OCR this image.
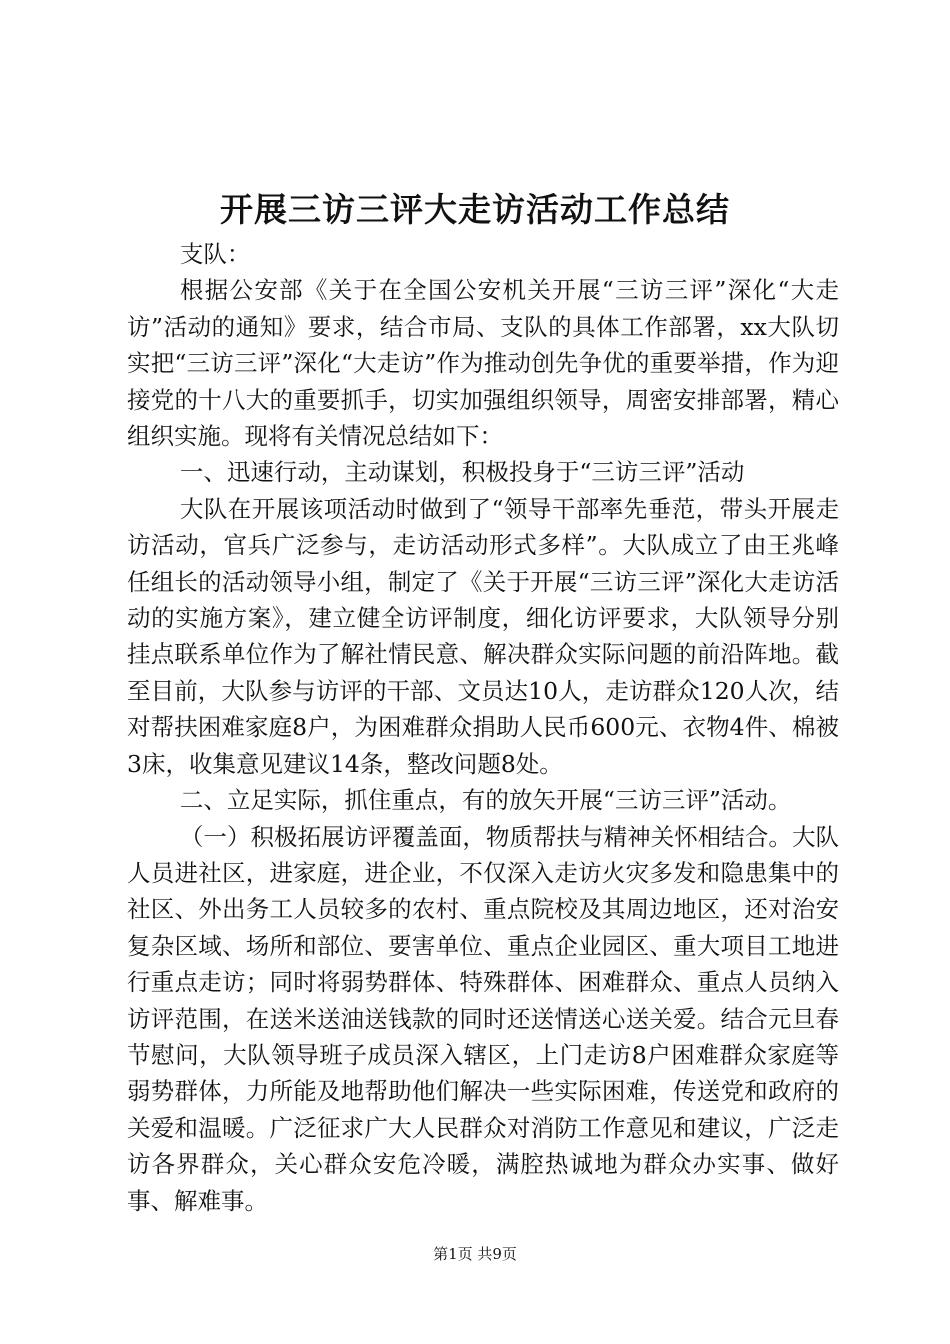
开展三访三评大走访活动工作总结

支队：

根据公安部《关于在全国公安机关开展“三访三评”深化“大走访”活动的通知》要求，结合市局、支队的具体工作部署，xx大队切实把“三访三评”深化“大走访”作为推动创先争优的重要举措，作为迎接党的十八大的重要抓手，切实加强组织领导，周密安排部署，精心组织实施。现将有关情况总结如下：

一、迅速行动，主动谋划，积极投身于“三访三评”活动

大队在开展该项活动时做到了“领导干部率先垂范，带头开展走访活动，官兵广泛参与，走访活动形式多样”。大队成立了由王兆峰任组长的活动领导小组，制定了《关于开展“三访三评”深化大走访活动的实施方案》，建立健全访评制度，细化访评要求，大队领导分别挂点联系单位作为了解社情民意、解决群众实际问题的前沿阵地。截至目前，大队参与访评的干部、文员达10人，走访群众120人次，结对帮扶困难家庭8户，为困难群众捐助人民币600元、衣物4件、棉被3床，收集意见建议14条，整改问题8处。

二、立足实际，抓住重点，有的放矢开展“三访三评”活动。

（一）积极拓展访评覆盖面，物质帮扶与精神关怀相结合。大队人员进社区，进家庭，进企业，不仅深入走访火灾多发和隐患集中的社区、外出务工人员较多的农村、重点院校及其周边地区，还对治安复杂区域、场所和部位、要害单位、重点企业园区、重大项目工地进行重点走访；同时将弱势群体、特殊群体、困难群众、重点人员纳入访评范围，在送米送油送钱款的同时还送情送心送关爱。结合元旦春节慰问，大队领导班子成员深入辖区，上门走访8户困难群众家庭等弱势群体，力所能及地帮助他们解决一些实际困难，传送党和政府的关爱和温暖。广泛征求广大人民群众对消防工作意见和建议，广泛走访各界群众，关心群众安危冷暖，满腔热诚地为群众办实事、做好事、解难事。

第1页 共9页
